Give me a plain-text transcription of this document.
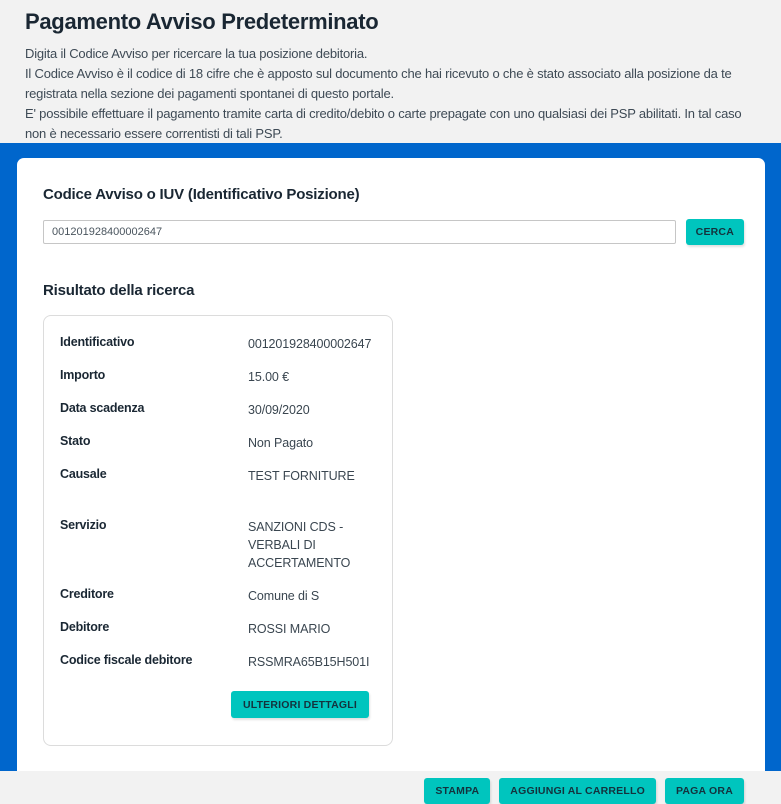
Pagamento Avviso Predeterminato
Digita il Codice Avviso per ricercare la tua posizione debitoria.
Il Codice Avviso è il codice di 18 cifre che è apposto sul documento che hai ricevuto o che è stato associato alla posizione da te
registrata nella sezione dei pagamenti spontanei di questo portale.
E' possibile effettuare il pagamento tramite carta di credito/debito o carte prepagate con uno qualsiasi dei PSP abilitati. In tal caso
non è necessario essere correntisti di tali PSP.
Codice Avviso o IUV (Identificativo Posizione)
001201928400002647
CERCA
Risultato della ricerca
Identificativo	001201928400002647
Importo	15.00 €
Data scadenza	30/09/2020
Stato	Non Pagato
Causale	TEST FORNITURE
Servizio	SANZIONI CDS - VERBALI DI ACCERTAMENTO
Creditore	Comune di S
Debitore	ROSSI MARIO
Codice fiscale debitore	RSSMRA65B15H501I
ULTERIORI DETTAGLI
STAMPA	AGGIUNGI AL CARRELLO	PAGA ORA
